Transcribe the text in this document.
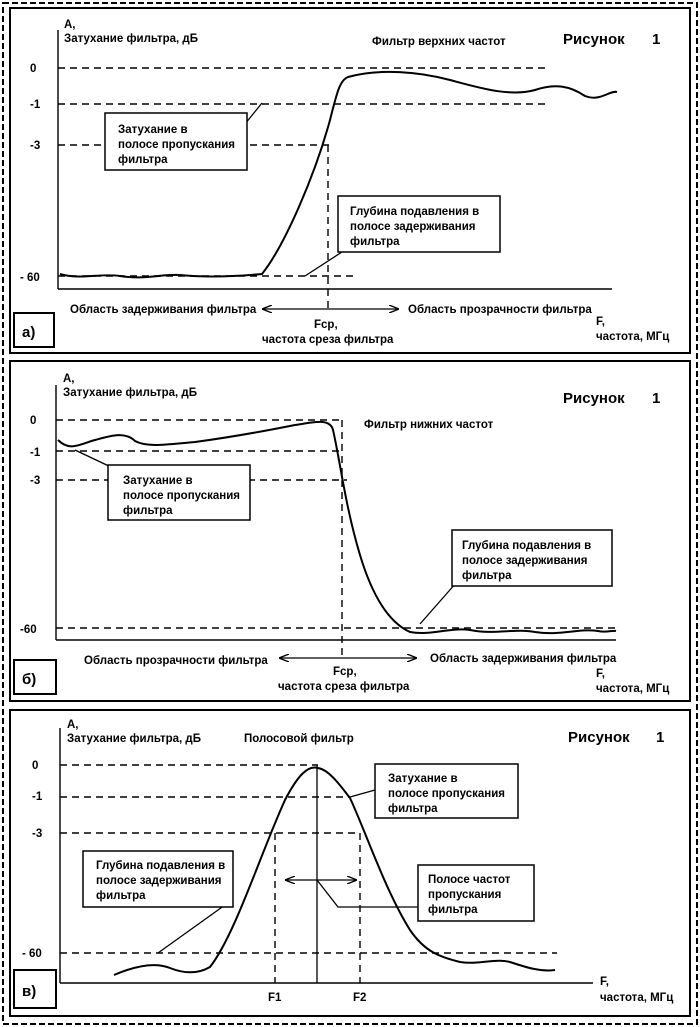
а)
Рисунок 1
А,
Затухание фильтра, дБ	Фильтр верхних частот
0
-1
-3
- 60
Затухание в
полосе пропускания
фильтра
Глубина подавления в
полосе задерживания
фильтра
Область задерживания фильтра	Область прозрачности фильтра
Fср,
частота среза фильтра
F,
частота, МГц
б)
Рисунок 1
А,
Затухание фильтра, дБ
Фильтр нижних частот
0
-1
-3
-60
Затухание в
полосе пропускания
фильтра
Глубина подавления в
полосе задерживания
фильтра
Область прозрачности фильтра	Область задерживания фильтра
Fср,
частота среза фильтра
F,
частота, МГц
в)
Рисунок 1
А,
Затухание фильтра, дБ	Полосовой фильтр
0
-1
-3
- 60
Затухание в
полосе пропускания
фильтра
Глубина подавления в
полосе задерживания
фильтра
Полосе частот
пропускания
фильтра
F1	F2
F,
частота, МГц
